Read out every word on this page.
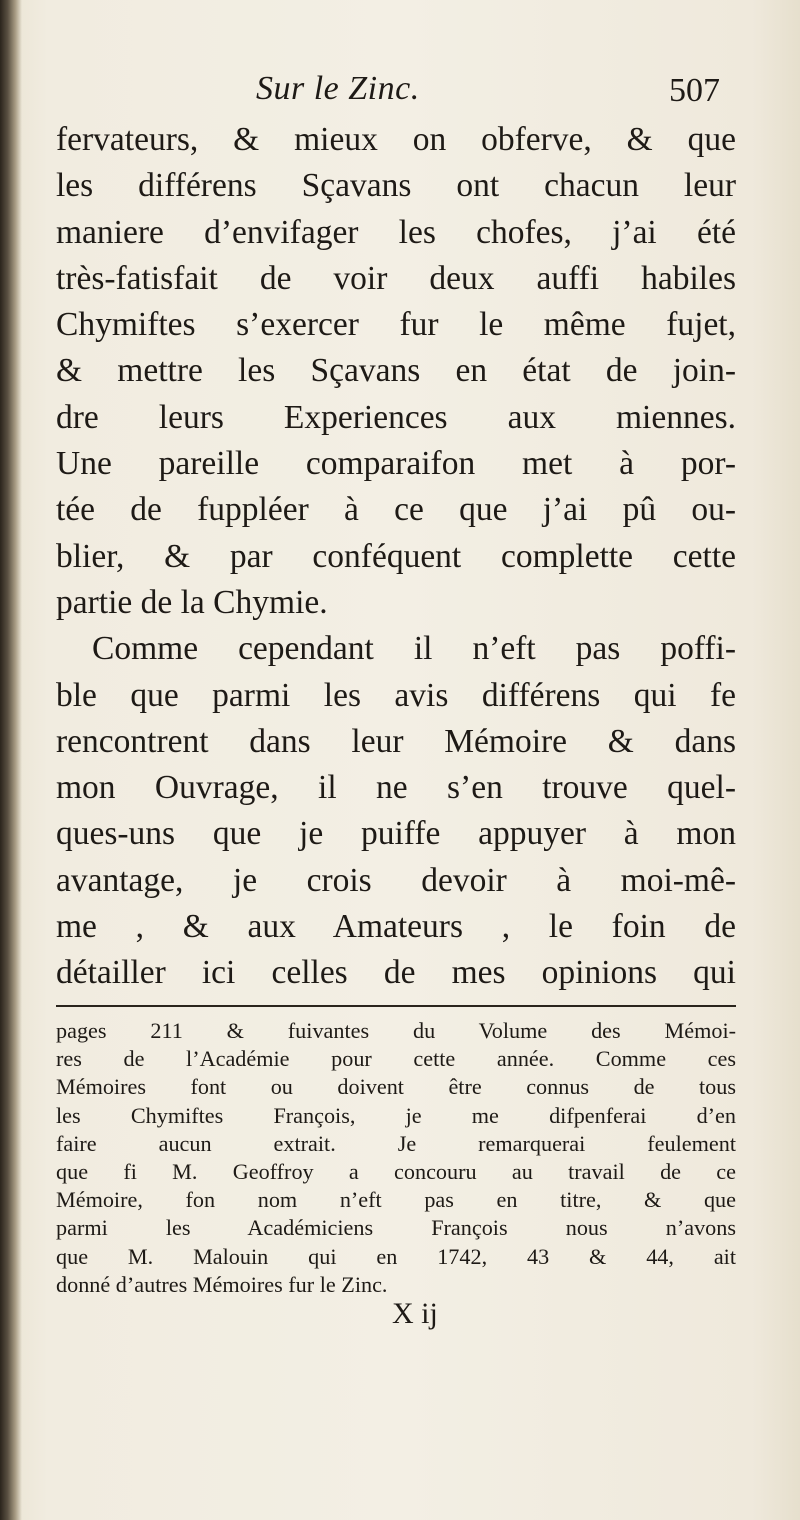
Sur le Zinc.	507
fervateurs, & mieux on obferve, & que
les différens Sçavans ont chacun leur
maniere d’envifager les chofes, j’ai été
très-fatisfait de voir deux auffi habiles
Chymiftes s’exercer fur le même fujet,
& mettre les Sçavans en état de join-
dre leurs Experiences aux miennes.
Une pareille comparaifon met à por-
tée de fuppléer à ce que j’ai pû ou-
blier, & par conféquent complette cette
partie de la Chymie.
Comme cependant il n’eft pas poffi-
ble que parmi les avis différens qui fe
rencontrent dans leur Mémoire & dans
mon Ouvrage, il ne s’en trouve quel-
ques-uns que je puiffe appuyer à mon
avantage, je crois devoir à moi-mê-
me , & aux Amateurs , le foin de
détailler ici celles de mes opinions qui
pages 211 & fuivantes du Volume des Mémoi-
res de l’Académie pour cette année. Comme ces
Mémoires font ou doivent être connus de tous
les Chymiftes François, je me difpenferai d’en
faire aucun extrait. Je remarquerai feulement
que fi M. Geoffroy a concouru au travail de ce
Mémoire, fon nom n’eft pas en titre, & que
parmi les Académiciens François nous n’avons
que M. Malouin qui en 1742, 43 & 44, ait
donné d’autres Mémoires fur le Zinc.
X ij
